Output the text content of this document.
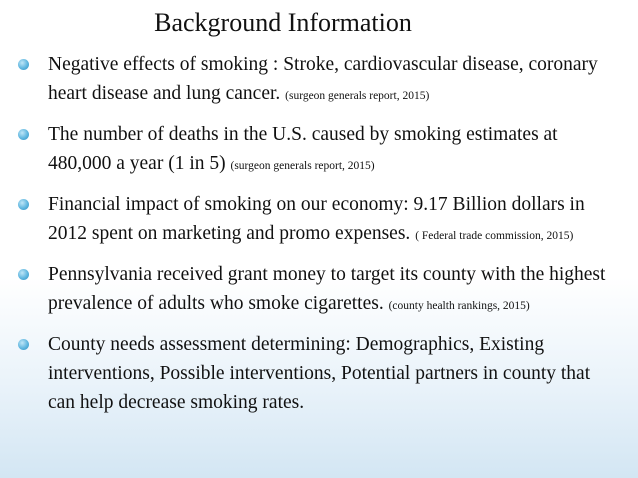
Background Information
Negative effects of smoking : Stroke, cardiovascular disease, coronary heart disease and lung cancer. (surgeon generals report, 2015)
The number of deaths in the U.S. caused by smoking estimates at 480,000 a year (1 in 5) (surgeon generals report, 2015)
Financial impact of smoking on our economy: 9.17 Billion dollars in 2012 spent on marketing and promo expenses. ( Federal trade commission, 2015)
Pennsylvania received grant money to target its county with the highest prevalence of adults who smoke cigarettes. (county health rankings, 2015)
County needs assessment determining: Demographics, Existing interventions, Possible interventions, Potential partners in county that can help decrease smoking rates.
